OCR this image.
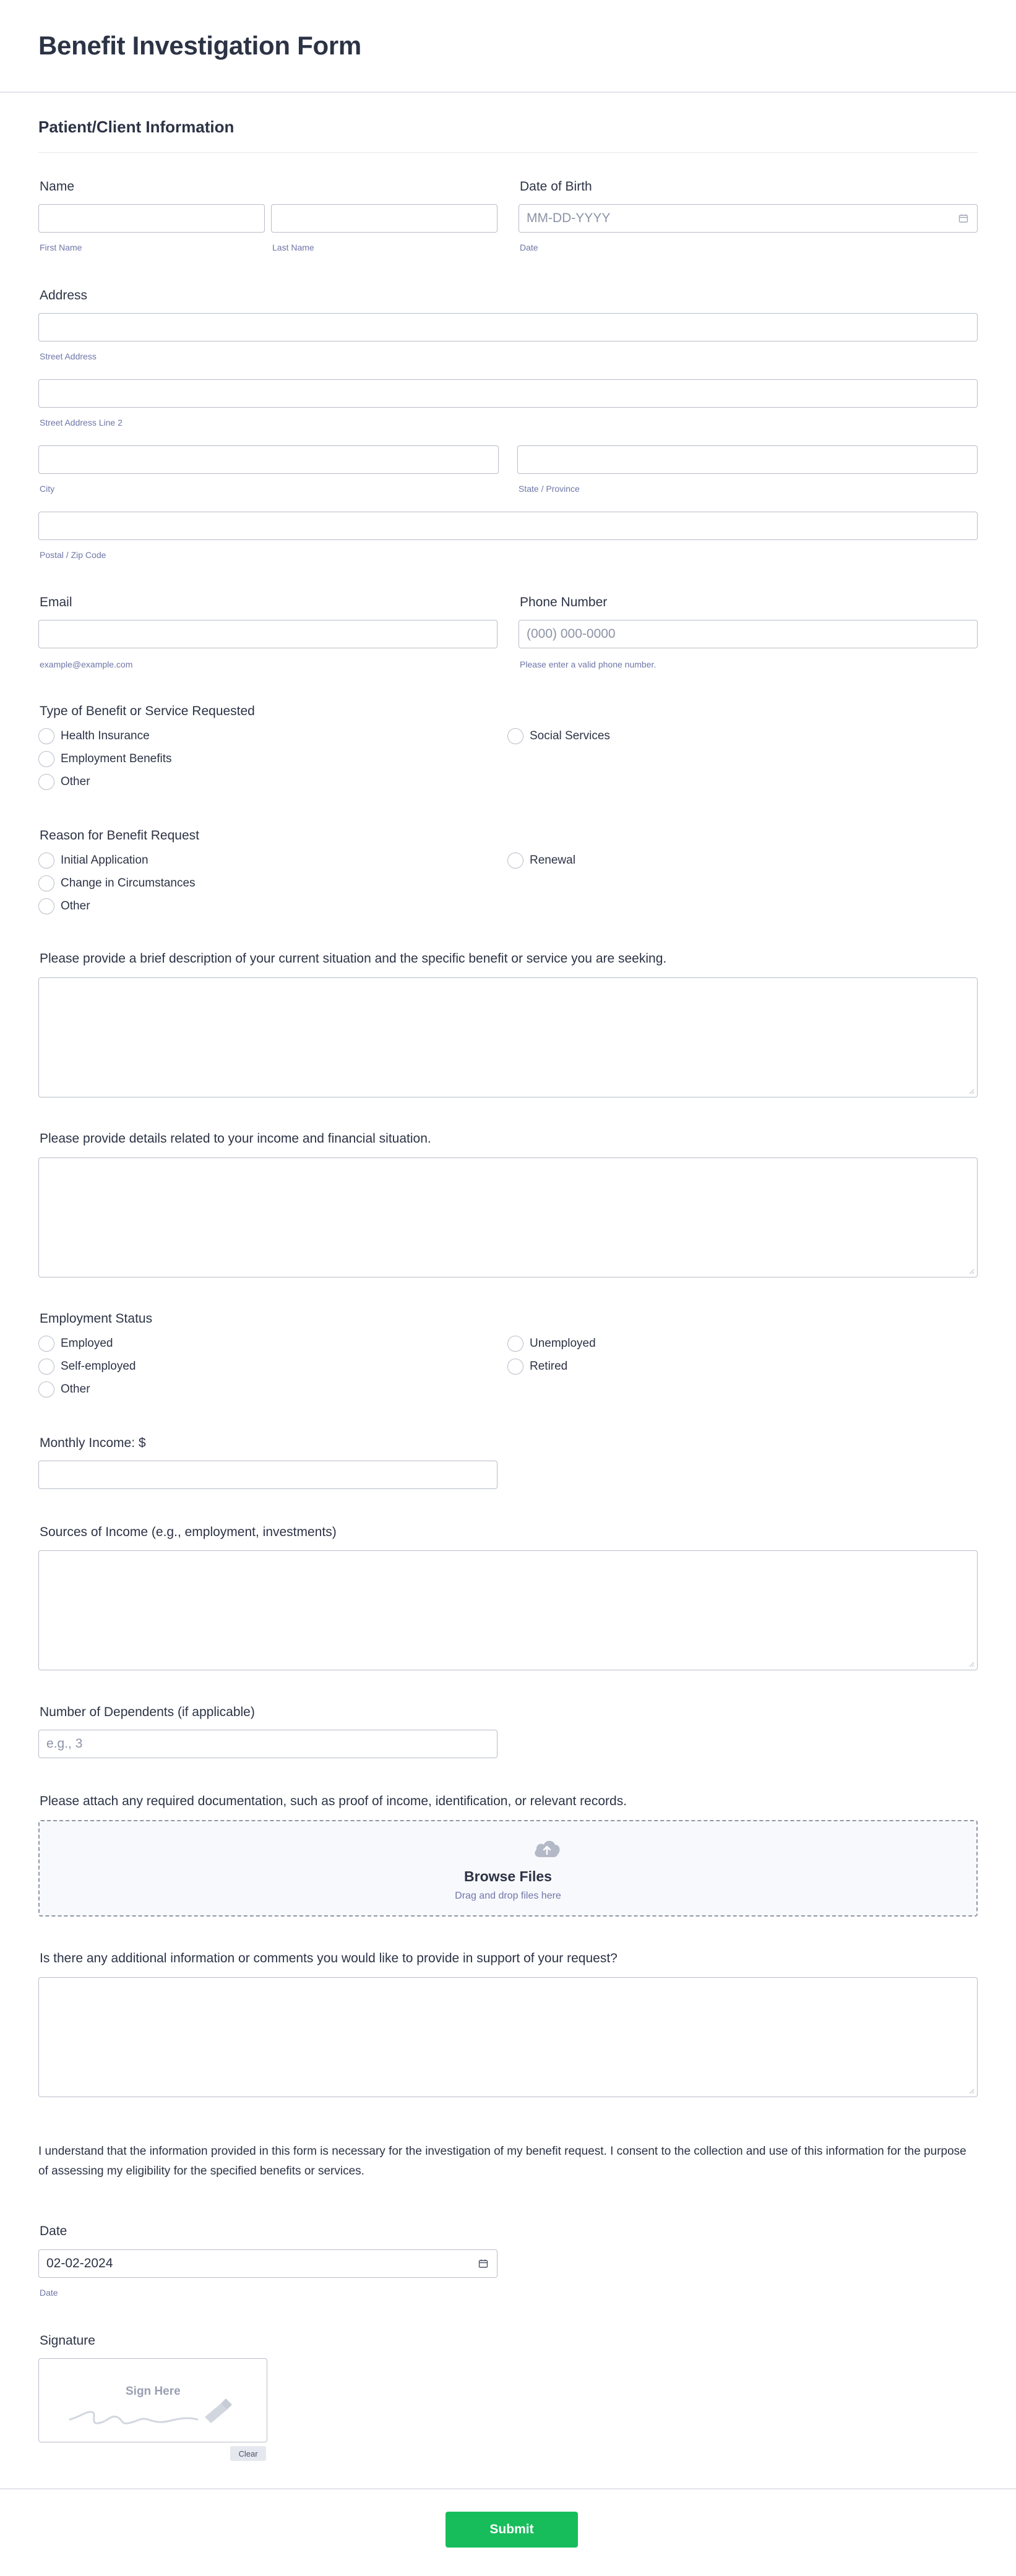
Benefit Investigation Form
Patient/Client Information
Name
First Name	Last Name
Date of Birth
MM-DD-YYYY
Date
Address
Street Address
Street Address Line 2
City	State / Province
Postal / Zip Code
Email
example@example.com
Phone Number
(000) 000-0000
Please enter a valid phone number.
Type of Benefit or Service Requested
Health Insurance	Social Services
Employment Benefits
Other
Reason for Benefit Request
Initial Application	Renewal
Change in Circumstances
Other
Please provide a brief description of your current situation and the specific benefit or service you are seeking.
Please provide details related to your income and financial situation.
Employment Status
Employed	Unemployed
Self-employed	Retired
Other
Monthly Income: $
Sources of Income (e.g., employment, investments)
Number of Dependents (if applicable)
e.g., 3
Please attach any required documentation, such as proof of income, identification, or relevant records.
Browse Files
Drag and drop files here
Is there any additional information or comments you would like to provide in support of your request?
I understand that the information provided in this form is necessary for the investigation of my benefit request. I consent to the collection and use of this information for the purpose of assessing my eligibility for the specified benefits or services.
Date
02-02-2024
Date
Signature
Sign Here
Clear
Submit
